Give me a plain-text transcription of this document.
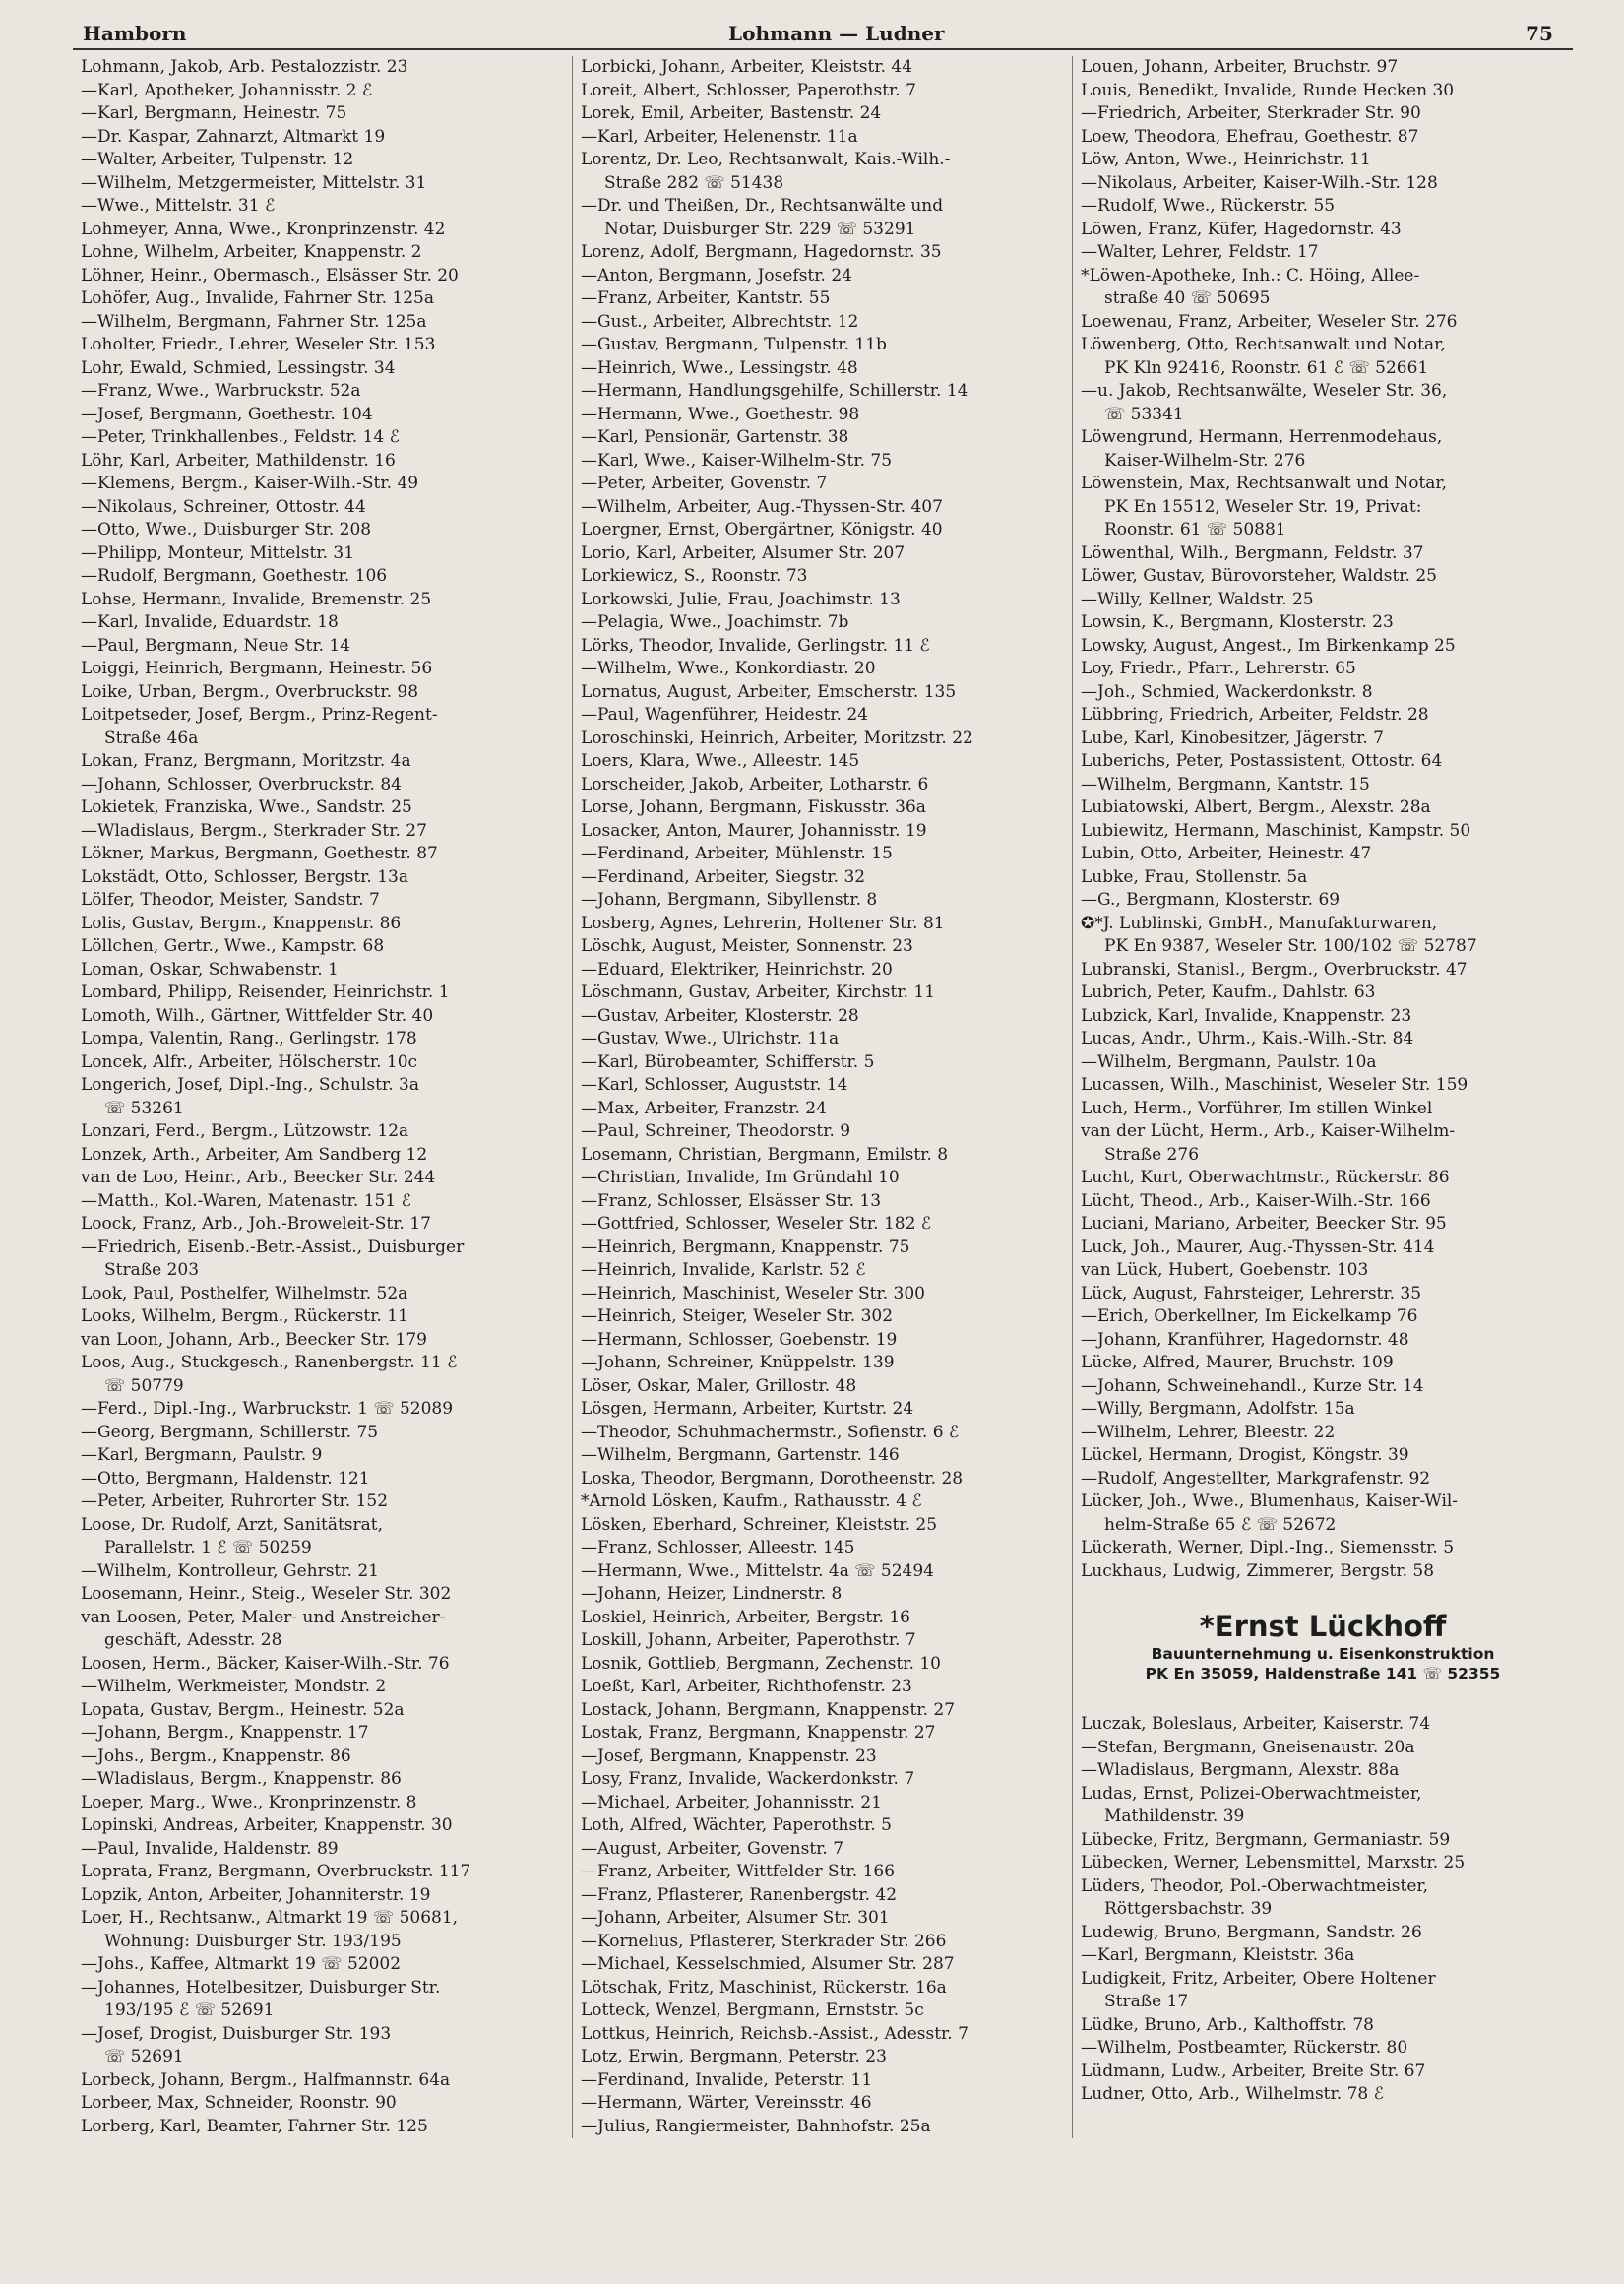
Hamborn	Lohmann — Ludner	75
Lohmann, Jakob, Arb. Pestalozzistr. 23
—Karl, Apotheker, Johannisstr. 2 ℰ
—Karl, Bergmann, Heinestr. 75
—Dr. Kaspar, Zahnarzt, Altmarkt 19
—Walter, Arbeiter, Tulpenstr. 12
—Wilhelm, Metzgermeister, Mittelstr. 31
—Wwe., Mittelstr. 31 ℰ
Lohmeyer, Anna, Wwe., Kronprinzenstr. 42
Lohne, Wilhelm, Arbeiter, Knappenstr. 2
Löhner, Heinr., Obermasch., Elsässer Str. 20
Lohöfer, Aug., Invalide, Fahrner Str. 125a
—Wilhelm, Bergmann, Fahrner Str. 125a
Loholter, Friedr., Lehrer, Weseler Str. 153
Lohr, Ewald, Schmied, Lessingstr. 34
—Franz, Wwe., Warbruckstr. 52a
—Josef, Bergmann, Goethestr. 104
—Peter, Trinkhallenbes., Feldstr. 14 ℰ
Löhr, Karl, Arbeiter, Mathildenstr. 16
—Klemens, Bergm., Kaiser-Wilh.-Str. 49
—Nikolaus, Schreiner, Ottostr. 44
—Otto, Wwe., Duisburger Str. 208
—Philipp, Monteur, Mittelstr. 31
—Rudolf, Bergmann, Goethestr. 106
Lohse, Hermann, Invalide, Bremenstr. 25
—Karl, Invalide, Eduardstr. 18
—Paul, Bergmann, Neue Str. 14
Loiggi, Heinrich, Bergmann, Heinestr. 56
Loike, Urban, Bergm., Overbruckstr. 98
Loitpetseder, Josef, Bergm., Prinz-Regent-
Straße 46a
Lokan, Franz, Bergmann, Moritzstr. 4a
—Johann, Schlosser, Overbruckstr. 84
Lokietek, Franziska, Wwe., Sandstr. 25
—Wladislaus, Bergm., Sterkrader Str. 27
Lökner, Markus, Bergmann, Goethestr. 87
Lokstädt, Otto, Schlosser, Bergstr. 13a
Lölfer, Theodor, Meister, Sandstr. 7
Lolis, Gustav, Bergm., Knappenstr. 86
Löllchen, Gertr., Wwe., Kampstr. 68
Loman, Oskar, Schwabenstr. 1
Lombard, Philipp, Reisender, Heinrichstr. 1
Lomoth, Wilh., Gärtner, Wittfelder Str. 40
Lompa, Valentin, Rang., Gerlingstr. 178
Loncek, Alfr., Arbeiter, Hölscherstr. 10c
Longerich, Josef, Dipl.-Ing., Schulstr. 3a
☏ 53261
Lonzari, Ferd., Bergm., Lützowstr. 12a
Lonzek, Arth., Arbeiter, Am Sandberg 12
van de Loo, Heinr., Arb., Beecker Str. 244
—Matth., Kol.-Waren, Matenastr. 151 ℰ
Loock, Franz, Arb., Joh.-Broweleit-Str. 17
—Friedrich, Eisenb.-Betr.-Assist., Duisburger
Straße 203
Look, Paul, Posthelfer, Wilhelmstr. 52a
Looks, Wilhelm, Bergm., Rückerstr. 11
van Loon, Johann, Arb., Beecker Str. 179
Loos, Aug., Stuckgesch., Ranenbergstr. 11 ℰ
☏ 50779
—Ferd., Dipl.-Ing., Warbruckstr. 1 ☏ 52089
—Georg, Bergmann, Schillerstr. 75
—Karl, Bergmann, Paulstr. 9
—Otto, Bergmann, Haldenstr. 121
—Peter, Arbeiter, Ruhrorter Str. 152
Loose, Dr. Rudolf, Arzt, Sanitätsrat,
Parallelstr. 1 ℰ ☏ 50259
—Wilhelm, Kontrolleur, Gehrstr. 21
Loosemann, Heinr., Steig., Weseler Str. 302
van Loosen, Peter, Maler- und Anstreicher-
geschäft, Adesstr. 28
Loosen, Herm., Bäcker, Kaiser-Wilh.-Str. 76
—Wilhelm, Werkmeister, Mondstr. 2
Lopata, Gustav, Bergm., Heinestr. 52a
—Johann, Bergm., Knappenstr. 17
—Johs., Bergm., Knappenstr. 86
—Wladislaus, Bergm., Knappenstr. 86
Loeper, Marg., Wwe., Kronprinzenstr. 8
Lopinski, Andreas, Arbeiter, Knappenstr. 30
—Paul, Invalide, Haldenstr. 89
Loprata, Franz, Bergmann, Overbruckstr. 117
Lopzik, Anton, Arbeiter, Johanniterstr. 19
Loer, H., Rechtsanw., Altmarkt 19 ☏ 50681,
Wohnung: Duisburger Str. 193/195
—Johs., Kaffee, Altmarkt 19 ☏ 52002
—Johannes, Hotelbesitzer, Duisburger Str.
193/195 ℰ ☏ 52691
—Josef, Drogist, Duisburger Str. 193
☏ 52691
Lorbeck, Johann, Bergm., Halfmannstr. 64a
Lorbeer, Max, Schneider, Roonstr. 90
Lorberg, Karl, Beamter, Fahrner Str. 125
Lorbicki, Johann, Arbeiter, Kleiststr. 44
Loreit, Albert, Schlosser, Paperothstr. 7
Lorek, Emil, Arbeiter, Bastenstr. 24
—Karl, Arbeiter, Helenenstr. 11a
Lorentz, Dr. Leo, Rechtsanwalt, Kais.-Wilh.-
Straße 282 ☏ 51438
—Dr. und Theißen, Dr., Rechtsanwälte und
Notar, Duisburger Str. 229 ☏ 53291
Lorenz, Adolf, Bergmann, Hagedornstr. 35
—Anton, Bergmann, Josefstr. 24
—Franz, Arbeiter, Kantstr. 55
—Gust., Arbeiter, Albrechtstr. 12
—Gustav, Bergmann, Tulpenstr. 11b
—Heinrich, Wwe., Lessingstr. 48
—Hermann, Handlungsgehilfe, Schillerstr. 14
—Hermann, Wwe., Goethestr. 98
—Karl, Pensionär, Gartenstr. 38
—Karl, Wwe., Kaiser-Wilhelm-Str. 75
—Peter, Arbeiter, Govenstr. 7
—Wilhelm, Arbeiter, Aug.-Thyssen-Str. 407
Loergner, Ernst, Obergärtner, Königstr. 40
Lorio, Karl, Arbeiter, Alsumer Str. 207
Lorkiewicz, S., Roonstr. 73
Lorkowski, Julie, Frau, Joachimstr. 13
—Pelagia, Wwe., Joachimstr. 7b
Lörks, Theodor, Invalide, Gerlingstr. 11 ℰ
—Wilhelm, Wwe., Konkordiastr. 20
Lornatus, August, Arbeiter, Emscherstr. 135
—Paul, Wagenführer, Heidestr. 24
Loroschinski, Heinrich, Arbeiter, Moritzstr. 22
Loers, Klara, Wwe., Alleestr. 145
Lorscheider, Jakob, Arbeiter, Lotharstr. 6
Lorse, Johann, Bergmann, Fiskusstr. 36a
Losacker, Anton, Maurer, Johannisstr. 19
—Ferdinand, Arbeiter, Mühlenstr. 15
—Ferdinand, Arbeiter, Siegstr. 32
—Johann, Bergmann, Sibyllenstr. 8
Losberg, Agnes, Lehrerin, Holtener Str. 81
Löschk, August, Meister, Sonnenstr. 23
—Eduard, Elektriker, Heinrichstr. 20
Löschmann, Gustav, Arbeiter, Kirchstr. 11
—Gustav, Arbeiter, Klosterstr. 28
—Gustav, Wwe., Ulrichstr. 11a
—Karl, Bürobeamter, Schifferstr. 5
—Karl, Schlosser, Auguststr. 14
—Max, Arbeiter, Franzstr. 24
—Paul, Schreiner, Theodorstr. 9
Losemann, Christian, Bergmann, Emilstr. 8
—Christian, Invalide, Im Gründahl 10
—Franz, Schlosser, Elsässer Str. 13
—Gottfried, Schlosser, Weseler Str. 182 ℰ
—Heinrich, Bergmann, Knappenstr. 75
—Heinrich, Invalide, Karlstr. 52 ℰ
—Heinrich, Maschinist, Weseler Str. 300
—Heinrich, Steiger, Weseler Str. 302
—Hermann, Schlosser, Goebenstr. 19
—Johann, Schreiner, Knüppelstr. 139
Löser, Oskar, Maler, Grillostr. 48
Lösgen, Hermann, Arbeiter, Kurtstr. 24
—Theodor, Schuhmachermstr., Sofienstr. 6 ℰ
—Wilhelm, Bergmann, Gartenstr. 146
Loska, Theodor, Bergmann, Dorotheenstr. 28
*Arnold Lösken, Kaufm., Rathausstr. 4 ℰ
Lösken, Eberhard, Schreiner, Kleiststr. 25
—Franz, Schlosser, Alleestr. 145
—Hermann, Wwe., Mittelstr. 4a ☏ 52494
—Johann, Heizer, Lindnerstr. 8
Loskiel, Heinrich, Arbeiter, Bergstr. 16
Loskill, Johann, Arbeiter, Paperothstr. 7
Losnik, Gottlieb, Bergmann, Zechenstr. 10
Loeßt, Karl, Arbeiter, Richthofenstr. 23
Lostack, Johann, Bergmann, Knappenstr. 27
Lostak, Franz, Bergmann, Knappenstr. 27
—Josef, Bergmann, Knappenstr. 23
Losy, Franz, Invalide, Wackerdonkstr. 7
—Michael, Arbeiter, Johannisstr. 21
Loth, Alfred, Wächter, Paperothstr. 5
—August, Arbeiter, Govenstr. 7
—Franz, Arbeiter, Wittfelder Str. 166
—Franz, Pflasterer, Ranenbergstr. 42
—Johann, Arbeiter, Alsumer Str. 301
—Kornelius, Pflasterer, Sterkrader Str. 266
—Michael, Kesselschmied, Alsumer Str. 287
Lötschak, Fritz, Maschinist, Rückerstr. 16a
Lotteck, Wenzel, Bergmann, Ernststr. 5c
Lottkus, Heinrich, Reichsb.-Assist., Adesstr. 7
Lotz, Erwin, Bergmann, Peterstr. 23
—Ferdinand, Invalide, Peterstr. 11
—Hermann, Wärter, Vereinsstr. 46
—Julius, Rangiermeister, Bahnhofstr. 25a
Louen, Johann, Arbeiter, Bruchstr. 97
Louis, Benedikt, Invalide, Runde Hecken 30
—Friedrich, Arbeiter, Sterkrader Str. 90
Loew, Theodora, Ehefrau, Goethestr. 87
Löw, Anton, Wwe., Heinrichstr. 11
—Nikolaus, Arbeiter, Kaiser-Wilh.-Str. 128
—Rudolf, Wwe., Rückerstr. 55
Löwen, Franz, Küfer, Hagedornstr. 43
—Walter, Lehrer, Feldstr. 17
*Löwen-Apotheke, Inh.: C. Höing, Allee-
straße 40 ☏ 50695
Loewenau, Franz, Arbeiter, Weseler Str. 276
Löwenberg, Otto, Rechtsanwalt und Notar,
PK Kln 92416, Roonstr. 61 ℰ ☏ 52661
—u. Jakob, Rechtsanwälte, Weseler Str. 36,
☏ 53341
Löwengrund, Hermann, Herrenmodehaus,
Kaiser-Wilhelm-Str. 276
Löwenstein, Max, Rechtsanwalt und Notar,
PK En 15512, Weseler Str. 19, Privat:
Roonstr. 61 ☏ 50881
Löwenthal, Wilh., Bergmann, Feldstr. 37
Löwer, Gustav, Bürovorsteher, Waldstr. 25
—Willy, Kellner, Waldstr. 25
Lowsin, K., Bergmann, Klosterstr. 23
Lowsky, August, Angest., Im Birkenkamp 25
Loy, Friedr., Pfarr., Lehrerstr. 65
—Joh., Schmied, Wackerdonkstr. 8
Lübbring, Friedrich, Arbeiter, Feldstr. 28
Lube, Karl, Kinobesitzer, Jägerstr. 7
Luberichs, Peter, Postassistent, Ottostr. 64
—Wilhelm, Bergmann, Kantstr. 15
Lubiatowski, Albert, Bergm., Alexstr. 28a
Lubiewitz, Hermann, Maschinist, Kampstr. 50
Lubin, Otto, Arbeiter, Heinestr. 47
Lubke, Frau, Stollenstr. 5a
—G., Bergmann, Klosterstr. 69
✪*J. Lublinski, GmbH., Manufakturwaren,
PK En 9387, Weseler Str. 100/102 ☏ 52787
Lubranski, Stanisl., Bergm., Overbruckstr. 47
Lubrich, Peter, Kaufm., Dahlstr. 63
Lubzick, Karl, Invalide, Knappenstr. 23
Lucas, Andr., Uhrm., Kais.-Wilh.-Str. 84
—Wilhelm, Bergmann, Paulstr. 10a
Lucassen, Wilh., Maschinist, Weseler Str. 159
Luch, Herm., Vorführer, Im stillen Winkel
van der Lücht, Herm., Arb., Kaiser-Wilhelm-
Straße 276
Lucht, Kurt, Oberwachtmstr., Rückerstr. 86
Lücht, Theod., Arb., Kaiser-Wilh.-Str. 166
Luciani, Mariano, Arbeiter, Beecker Str. 95
Luck, Joh., Maurer, Aug.-Thyssen-Str. 414
van Lück, Hubert, Goebenstr. 103
Lück, August, Fahrsteiger, Lehrerstr. 35
—Erich, Oberkellner, Im Eickelkamp 76
—Johann, Kranführer, Hagedornstr. 48
Lücke, Alfred, Maurer, Bruchstr. 109
—Johann, Schweinehandl., Kurze Str. 14
—Willy, Bergmann, Adolfstr. 15a
—Wilhelm, Lehrer, Bleestr. 22
Lückel, Hermann, Drogist, Köngstr. 39
—Rudolf, Angestellter, Markgrafenstr. 92
Lücker, Joh., Wwe., Blumenhaus, Kaiser-Wil-
helm-Straße 65 ℰ ☏ 52672
Lückerath, Werner, Dipl.-Ing., Siemensstr. 5
Luckhaus, Ludwig, Zimmerer, Bergstr. 58
*Ernst Lückhoff
Bauunternehmung u. Eisenkonstruktion
PK En 35059, Haldenstraße 141 ☏ 52355
Luczak, Boleslaus, Arbeiter, Kaiserstr. 74
—Stefan, Bergmann, Gneisenaustr. 20a
—Wladislaus, Bergmann, Alexstr. 88a
Ludas, Ernst, Polizei-Oberwachtmeister,
Mathildenstr. 39
Lübecke, Fritz, Bergmann, Germaniastr. 59
Lübecken, Werner, Lebensmittel, Marxstr. 25
Lüders, Theodor, Pol.-Oberwachtmeister,
Röttgersbachstr. 39
Ludewig, Bruno, Bergmann, Sandstr. 26
—Karl, Bergmann, Kleiststr. 36a
Ludigkeit, Fritz, Arbeiter, Obere Holtener
Straße 17
Lüdke, Bruno, Arb., Kalthoffstr. 78
—Wilhelm, Postbeamter, Rückerstr. 80
Lüdmann, Ludw., Arbeiter, Breite Str. 67
Ludner, Otto, Arb., Wilhelmstr. 78 ℰ
